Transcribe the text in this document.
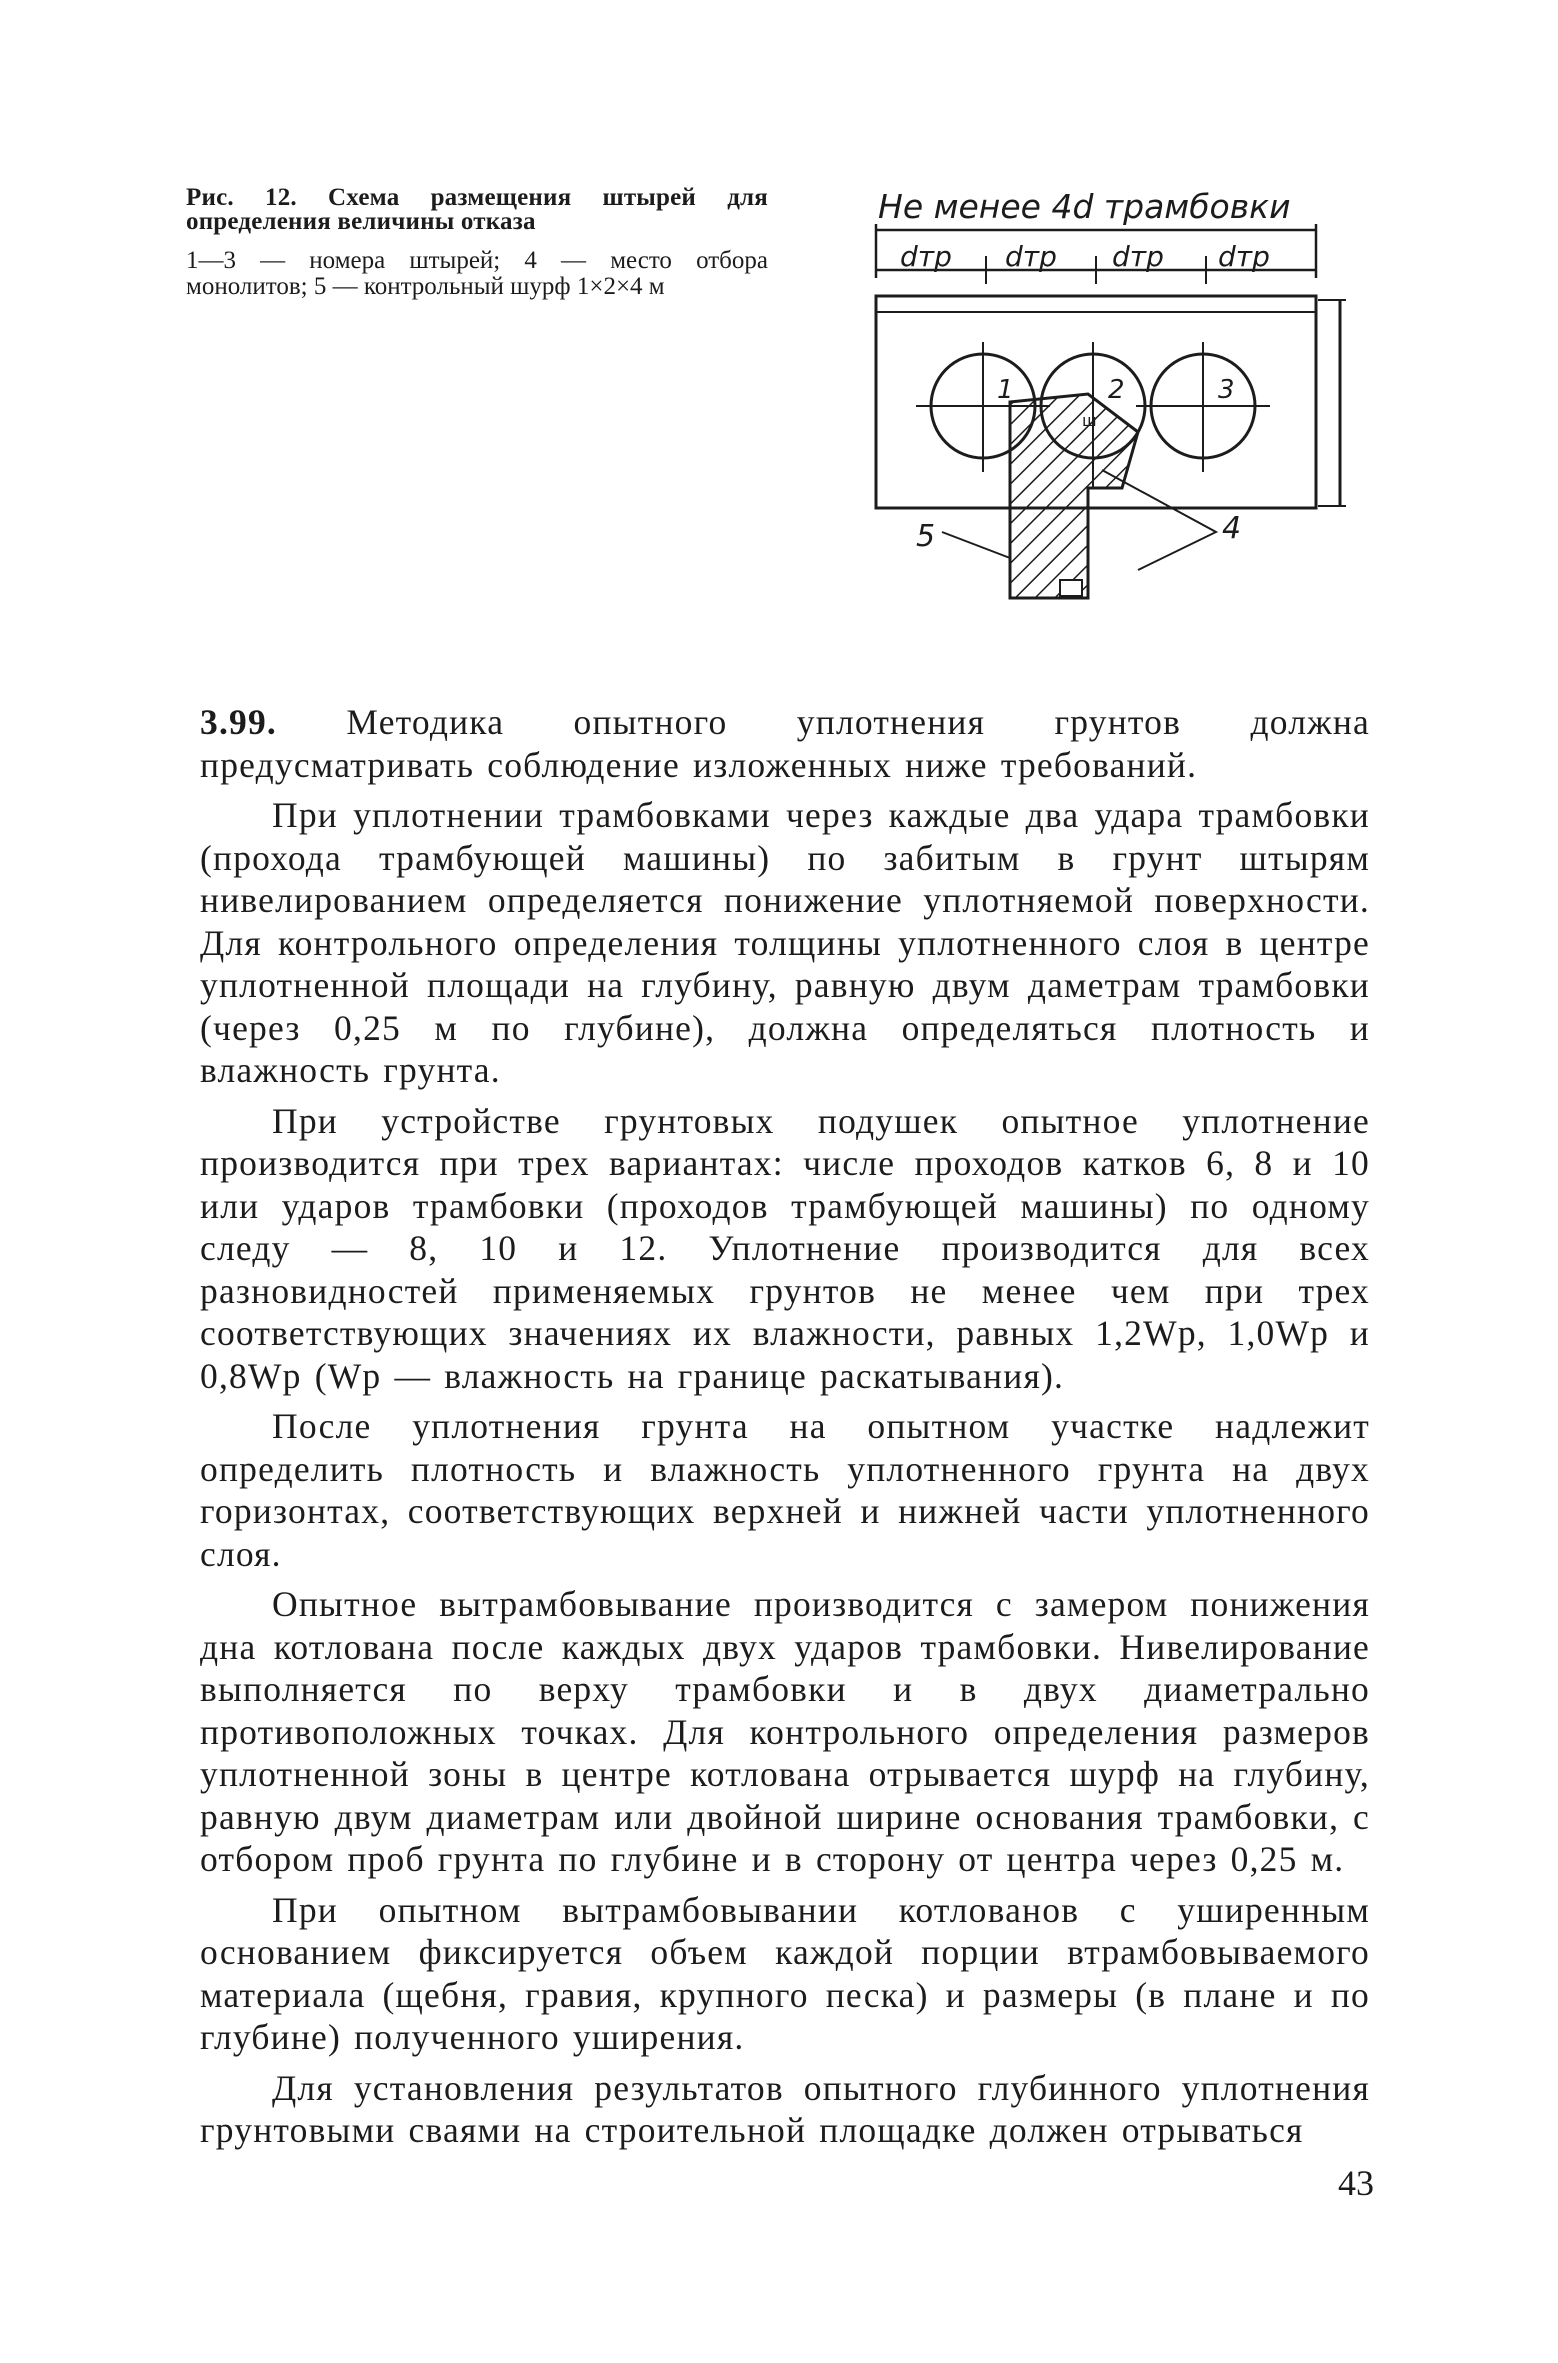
Рис. 12. Схема размещения штырей для определения величины отказа

1—3 — номера штырей; 4 — место отбора монолитов; 5 — контрольный шурф 1×2×4 м

Не менее 4d трамбовки
dтр dтр dтр dтр
1	2
ш
3
5	4

3.99. Методика опытного уплотнения грунтов должна предусматривать соблюдение изложенных ниже требований.

При уплотнении трамбовками через каждые два удара трамбовки (прохода трамбующей машины) по забитым в грунт штырям нивелированием определяется понижение уплотняемой поверхности. Для контрольного определения толщины уплотненного слоя в центре уплотненной площади на глубину, равную двум даметрам трамбовки (через 0,25 м по глубине), должна определяться плотность и влажность грунта.

При устройстве грунтовых подушек опытное уплотнение производится при трех вариантах: числе проходов катков 6, 8 и 10 или ударов трамбовки (проходов трамбующей машины) по одному следу — 8, 10 и 12. Уплотнение производится для всех разновидностей применяемых грунтов не менее чем при трех соответствующих значениях их влажности, равных 1,2Wр, 1,0Wр и 0,8Wр (Wр — влажность на границе раскатывания).

После уплотнения грунта на опытном участке надлежит определить плотность и влажность уплотненного грунта на двух горизонтах, соответствующих верхней и нижней части уплотненного слоя.

Опытное вытрамбовывание производится с замером понижения дна котлована после каждых двух ударов трамбовки. Нивелирование выполняется по верху трамбовки и в двух диаметрально противоположных точках. Для контрольного определения размеров уплотненной зоны в центре котлована отрывается шурф на глубину, равную двум диаметрам или двойной ширине основания трамбовки, с отбором проб грунта по глубине и в сторону от центра через 0,25 м.

При опытном вытрамбовывании котлованов с уширенным основанием фиксируется объем каждой порции втрамбовываемого материала (щебня, гравия, крупного песка) и размеры (в плане и по глубине) полученного уширения.

Для установления результатов опытного глубинного уплотнения грунтовыми сваями на строительной площадке должен отрываться

43
